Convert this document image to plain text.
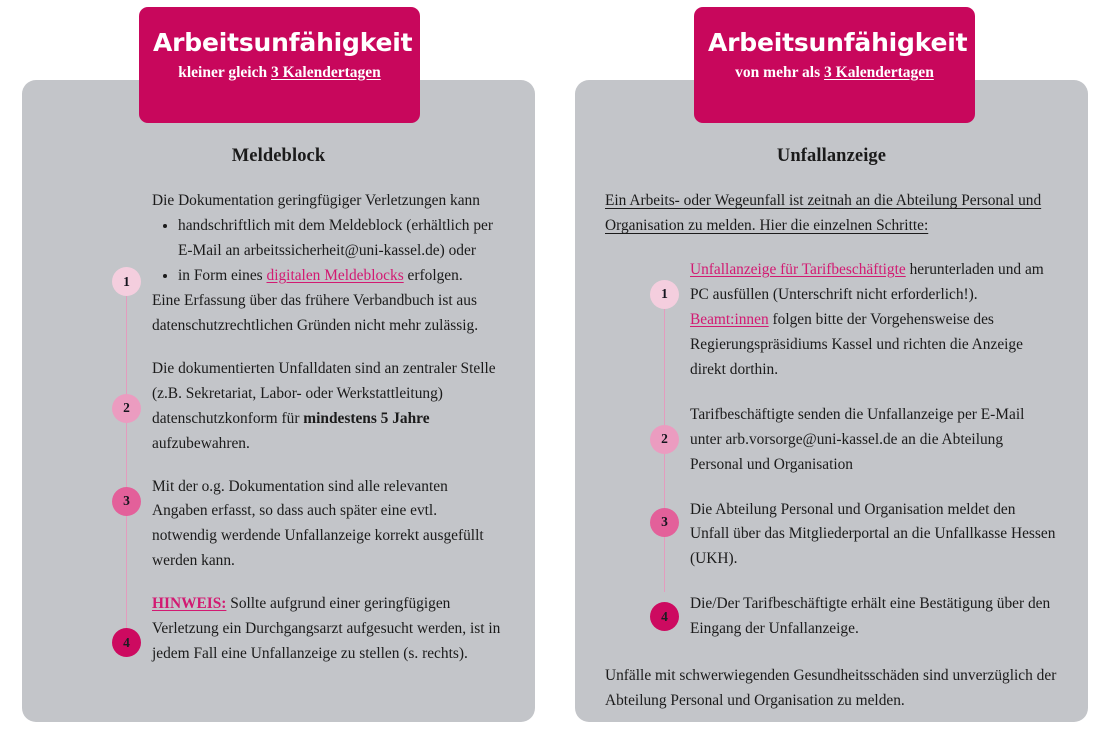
Meldeblock
1
Die Dokumentation geringfügiger Verletzungen kann
• handschriftlich mit dem Meldeblock (erhältlich per E-Mail an arbeitssicherheit@uni-kassel.de) oder
• in Form eines digitalen Meldeblocks erfolgen.
Eine Erfassung über das frühere Verbandbuch ist aus datenschutzrechtlichen Gründen nicht mehr zulässig.
2
Die dokumentierten Unfalldaten sind an zentraler Stelle (z.B. Sekretariat, Labor- oder Werkstattleitung) datenschutzkonform für mindestens 5 Jahre aufzubewahren.
3
Mit der o.g. Dokumentation sind alle relevanten Angaben erfasst, so dass auch später eine evtl. notwendig werdende Unfallanzeige korrekt ausgefüllt werden kann.
4
HINWEIS: Sollte aufgrund einer geringfügigen Verletzung ein Durchgangsarzt aufgesucht werden, ist in jedem Fall eine Unfallanzeige zu stellen (s. rechts).
Unfallanzeige
Ein Arbeits- oder Wegeunfall ist zeitnah an die Abteilung Personal und Organisation zu melden. Hier die einzelnen Schritte:
1
Unfallanzeige für Tarifbeschäftigte herunterladen und am PC ausfüllen (Unterschrift nicht erforderlich!). Beamt:innen folgen bitte der Vorgehensweise des Regierungspräsidiums Kassel und richten die Anzeige direkt dorthin.
2
Tarifbeschäftigte senden die Unfallanzeige per E-Mail unter arb.vorsorge@uni-kassel.de an die Abteilung Personal und Organisation
3
Die Abteilung Personal und Organisation meldet den Unfall über das Mitgliederportal an die Unfallkasse Hessen (UKH).
4
Die/Der Tarifbeschäftigte erhält eine Bestätigung über den Eingang der Unfallanzeige.
Unfälle mit schwerwiegenden Gesundheitsschäden sind unverzüglich der Abteilung Personal und Organisation zu melden.
Arbeitsunfähigkeit
kleiner gleich 3 Kalendertagen
Arbeitsunfähigkeit
von mehr als 3 Kalendertagen
